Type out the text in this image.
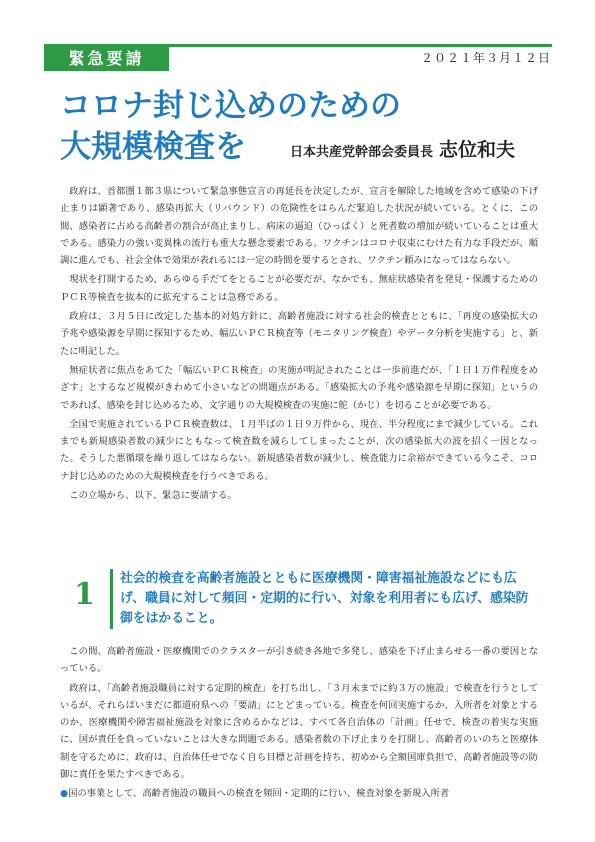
緊急要請	２０２１年３月１２日
コロナ封じ込めのための
大規模検査を	日本共産党幹部会委員長 志位和夫

政府は、首都圏１都３県について緊急事態宣言の再延長を決定したが、宣言を解除した地域を含めて感染の下げ止まりは顕著であり、感染再拡大（リバウンド）の危険性をはらんだ緊迫した状況が続いている。とくに、この間、感染者に占める高齢者の割合が高止まりし、病床の逼迫（ひっぱく）と死者数の増加が続いていることは重大である。感染力の強い変異株の流行も重大な懸念要素である。ワクチンはコロナ収束にむけた有力な手段だが、順調に進んでも、社会全体で効果が表れるには一定の時間を要するとされ、ワクチン頼みになってはならない。

現状を打開するため、あらゆる手だてをとることが必要だが、なかでも、無症状感染者を発見・保護するためのＰＣＲ等検査を抜本的に拡充することは急務である。

政府は、３月５日に改定した基本的対処方針に、高齢者施設に対する社会的検査とともに、「再度の感染拡大の予兆や感染源を早期に探知するため、幅広いＰＣＲ検査等（モニタリング検査）やデータ分析を実施する」と、新たに明記した。

無症状者に焦点をあてた「幅広いＰＣＲ検査」の実施が明記されたことは一歩前進だが、「１日１万件程度をめざす」とするなど規模がきわめて小さいなどの問題点がある。「感染拡大の予兆や感染源を早期に探知」というのであれば、感染を封じ込めるため、文字通りの大規模検査の実施に舵（かじ）を切ることが必要である。

全国で実施されているＰＣＲ検査数は、１月半ばの１日９万件から、現在、半分程度にまで減少している。これまでも新規感染者数の減少にともなって検査数を減らしてしまったことが、次の感染拡大の波を招く一因となった。そうした悪循環を繰り返してはならない。新規感染者数が減少し、検査能力に余裕ができている今こそ、コロナ封じ込めのための大規模検査を行うべきである。

この立場から、以下、緊急に要請する。

1 社会的検査を高齢者施設とともに医療機関・障害福祉施設などにも広げ、職員に対して頻回・定期的に行い、対象を利用者にも広げ、感染防御をはかること。

この間、高齢者施設・医療機関でのクラスターが引き続き各地で多発し、感染を下げ止まらせる一番の要因となっている。

政府は、「高齢者施設職員に対する定期的検査」を打ち出し、「３月末までに約３万の施設」で検査を行うとしているが、それらはいまだに都道府県への「要請」にとどまっている。検査を何回実施するか、入所者を対象とするのか、医療機関や障害福祉施設を対象に含めるかなどは、すべて各自治体の「計画」任せで、検査の着実な実施に、国が責任を負っていないことは大きな問題である。感染者数の下げ止まりを打開し、高齢者のいのちと医療体制を守るために、政府は、自治体任せでなく自ら目標と計画を持ち、初めから全額国庫負担で、高齢者施設等の防御に責任を果たすべきである。

●国の事業として、高齢者施設の職員への検査を頻回・定期的に行い、検査対象を新規入所者
